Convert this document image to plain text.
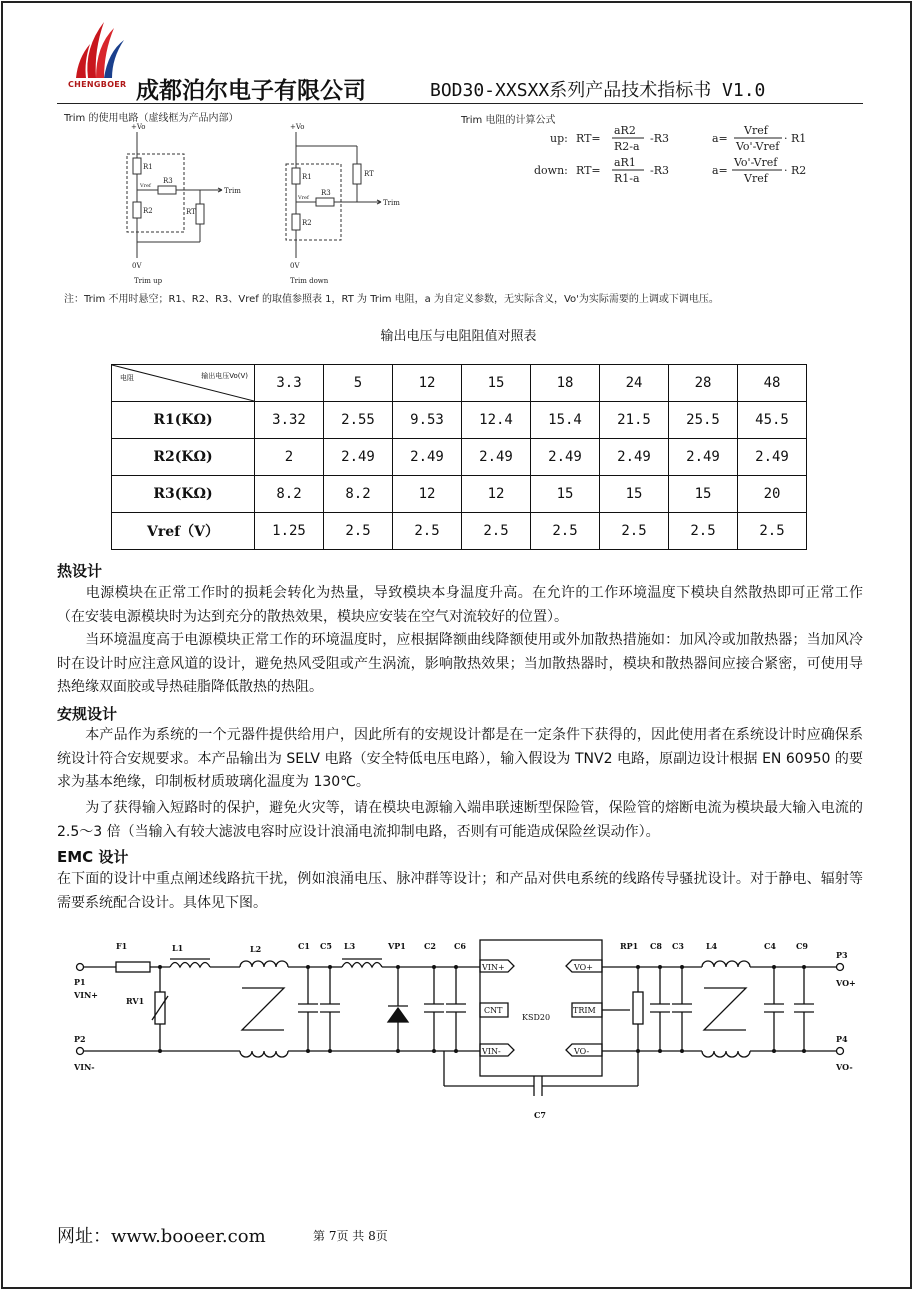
CHENGBOER 成都泊尔电子有限公司	BOD30-XXSXX系列产品技术指标书 V1.0
Trim 的使用电路（虚线框为产品内部）	Trim 电阻的计算公式
+Vo
R1
R2
Vref
R3
RT
Trim
0V
Trim up
+Vo
R1
R2
Vref
R3
RT
Trim
0V
Trim down
up: RT=
aR2
R2-a
-R3	a=
Vref
Vo'-Vref
· R1
down: RT=
aR1
R1-a
-R3	a=
Vo'-Vref
Vref
· R2
注：Trim 不用时悬空；R1、R2、R3、Vref 的取值参照表 1，RT 为 Trim 电阻，a 为自定义参数，无实际含义，Vo'为实际需要的上调或下调电压。
输出电压与电阻阻值对照表
输出电压Vo(V)
电阻	3.3	5	12	15	18	24	28	48
R1(KΩ)	3.32	2.55	9.53	12.4	15.4	21.5	25.5	45.5
R2(KΩ)	2	2.49	2.49	2.49	2.49	2.49	2.49	2.49
R3(KΩ)	8.2	8.2	12	12	15	15	15	20
Vref（V）	1.25	2.5	2.5	2.5	2.5	2.5	2.5	2.5
热设计
　　电源模块在正常工作时的损耗会转化为热量，导致模块本身温度升高。在允许的工作环境温度下模块自然散热即可正常工作（在安装电源模块时为达到充分的散热效果，模块应安装在空气对流较好的位置）。
　　当环境温度高于电源模块正常工作的环境温度时，应根据降额曲线降额使用或外加散热措施如：加风冷或加散热器；当加风冷时在设计时应注意风道的设计，避免热风受阻或产生涡流，影响散热效果；当加散热器时，模块和散热器间应接合紧密，可使用导热绝缘双面胶或导热硅脂降低散热的热阻。
安规设计
　　本产品作为系统的一个元器件提供给用户，因此所有的安规设计都是在一定条件下获得的，因此使用者在系统设计时应确保系统设计符合安规要求。本产品输出为 SELV 电路（安全特低电压电路），输入假设为 TNV2 电路，原副边设计根据 EN 60950 的要求为基本绝缘，印制板材质玻璃化温度为 130℃。
　　为了获得输入短路时的保护，避免火灾等，请在模块电源输入端串联速断型保险管，保险管的熔断电流为模块最大输入电流的 2.5～3 倍（当输入有较大滤波电容时应设计浪涌电流抑制电路，否则有可能造成保险丝误动作）。
EMC 设计
在下面的设计中重点阐述线路抗干扰，例如浪涌电压、脉冲群等设计；和产品对供电系统的线路传导骚扰设计。对于静电、辐射等需要系统配合设计。具体见下图。
F1	L1	L2	C1 C5 L3	VP1 C2 C6	RP1 C8 C3	L4	C4	C9
P1
VIN+
P2
VIN-
RV1
P3
VO+
P4
VO-
C7
VIN+
CNT
VIN-
VO+
TRIM
VO-
KSD20
网址：www.booeer.com	第 7页 共 8页
